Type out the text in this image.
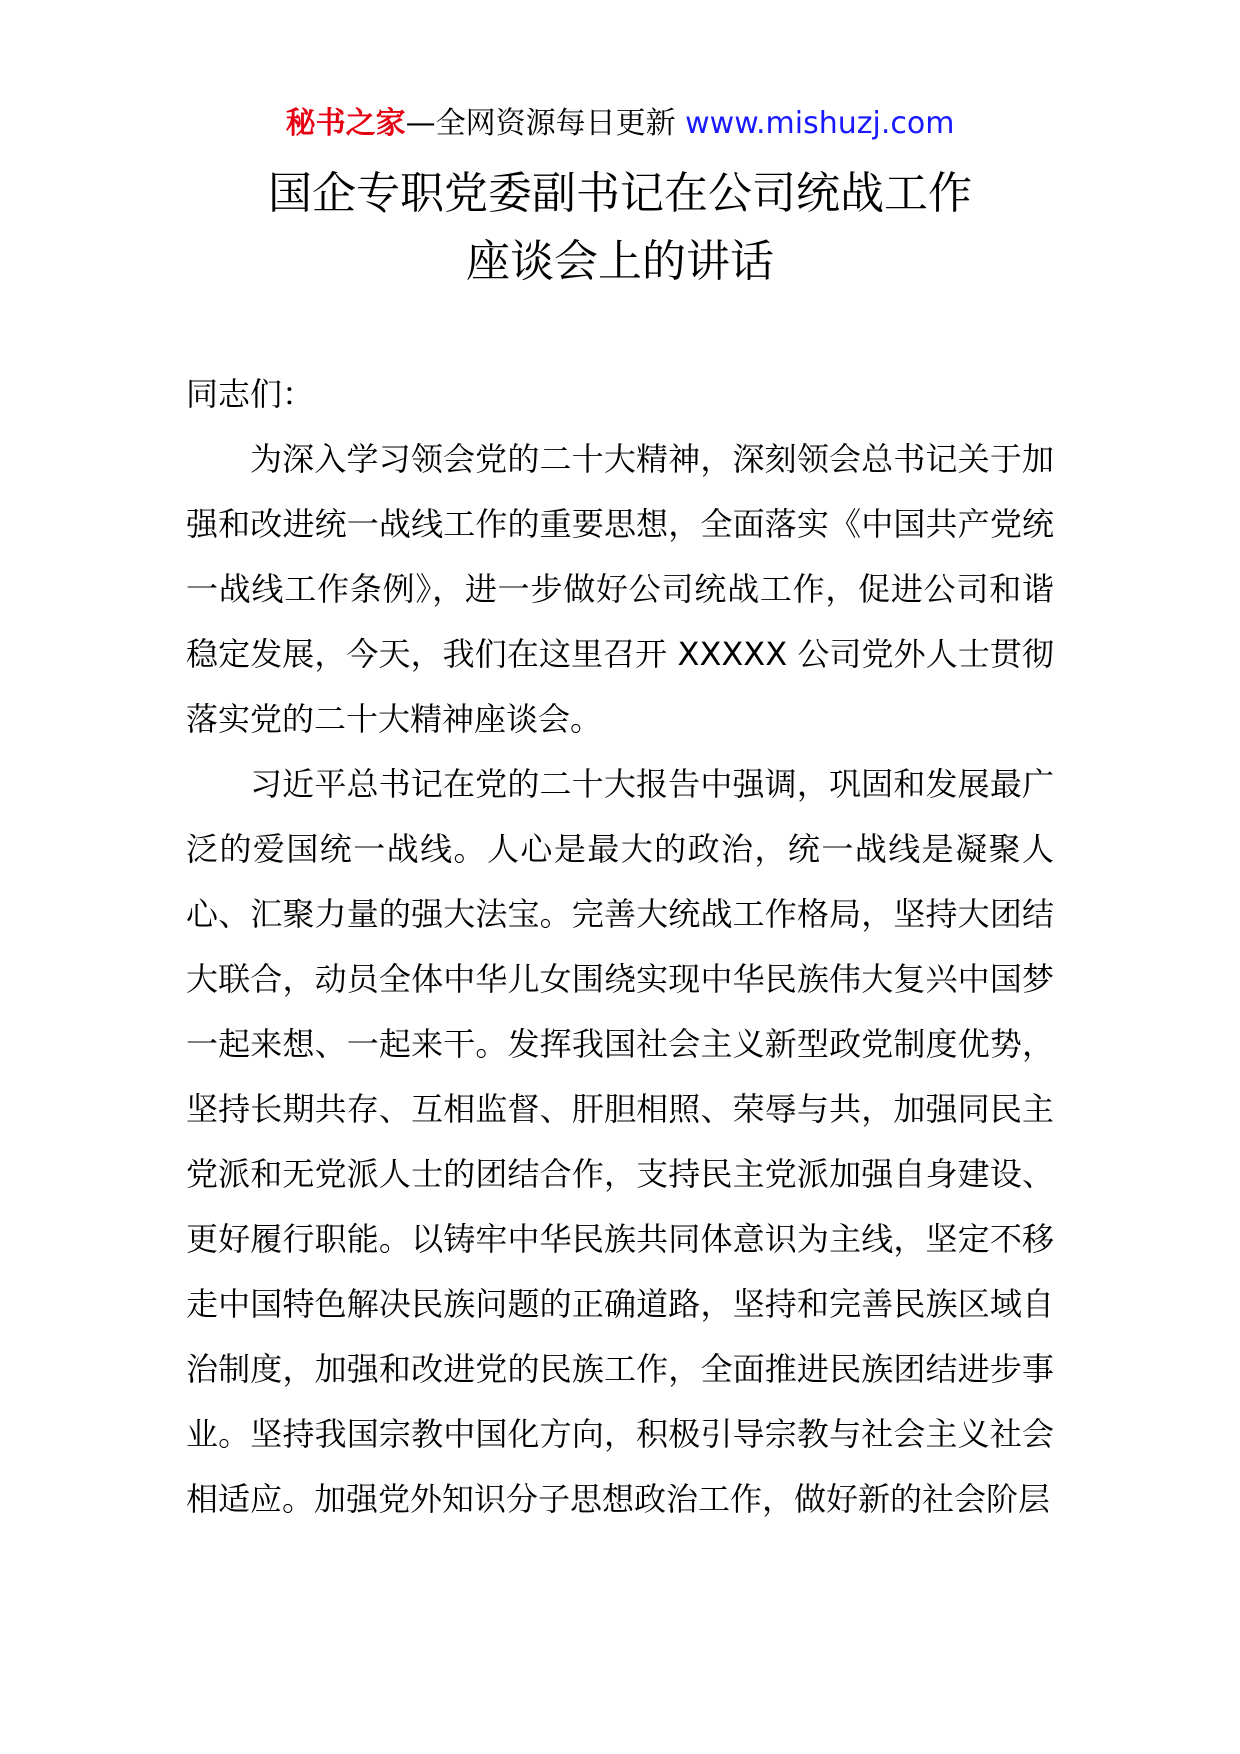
秘书之家—全网资源每日更新 www.mishuzj.com
国企专职党委副书记在公司统战工作
座谈会上的讲话

同志们：

为深入学习领会党的二十大精神，深刻领会总书记关于加强和改进统一战线工作的重要思想，全面落实《中国共产党统一战线工作条例》，进一步做好公司统战工作，促进公司和谐稳定发展，今天，我们在这里召开 XXXXX 公司党外人士贯彻落实党的二十大精神座谈会。

习近平总书记在党的二十大报告中强调，巩固和发展最广泛的爱国统一战线。人心是最大的政治，统一战线是凝聚人心、汇聚力量的强大法宝。完善大统战工作格局，坚持大团结大联合，动员全体中华儿女围绕实现中华民族伟大复兴中国梦一起来想、一起来干。发挥我国社会主义新型政党制度优势，坚持长期共存、互相监督、肝胆相照、荣辱与共，加强同民主党派和无党派人士的团结合作，支持民主党派加强自身建设、更好履行职能。以铸牢中华民族共同体意识为主线，坚定不移走中国特色解决民族问题的正确道路，坚持和完善民族区域自治制度，加强和改进党的民族工作，全面推进民族团结进步事业。坚持我国宗教中国化方向，积极引导宗教与社会主义社会相适应。加强党外知识分子思想政治工作，做好新的社会阶层
